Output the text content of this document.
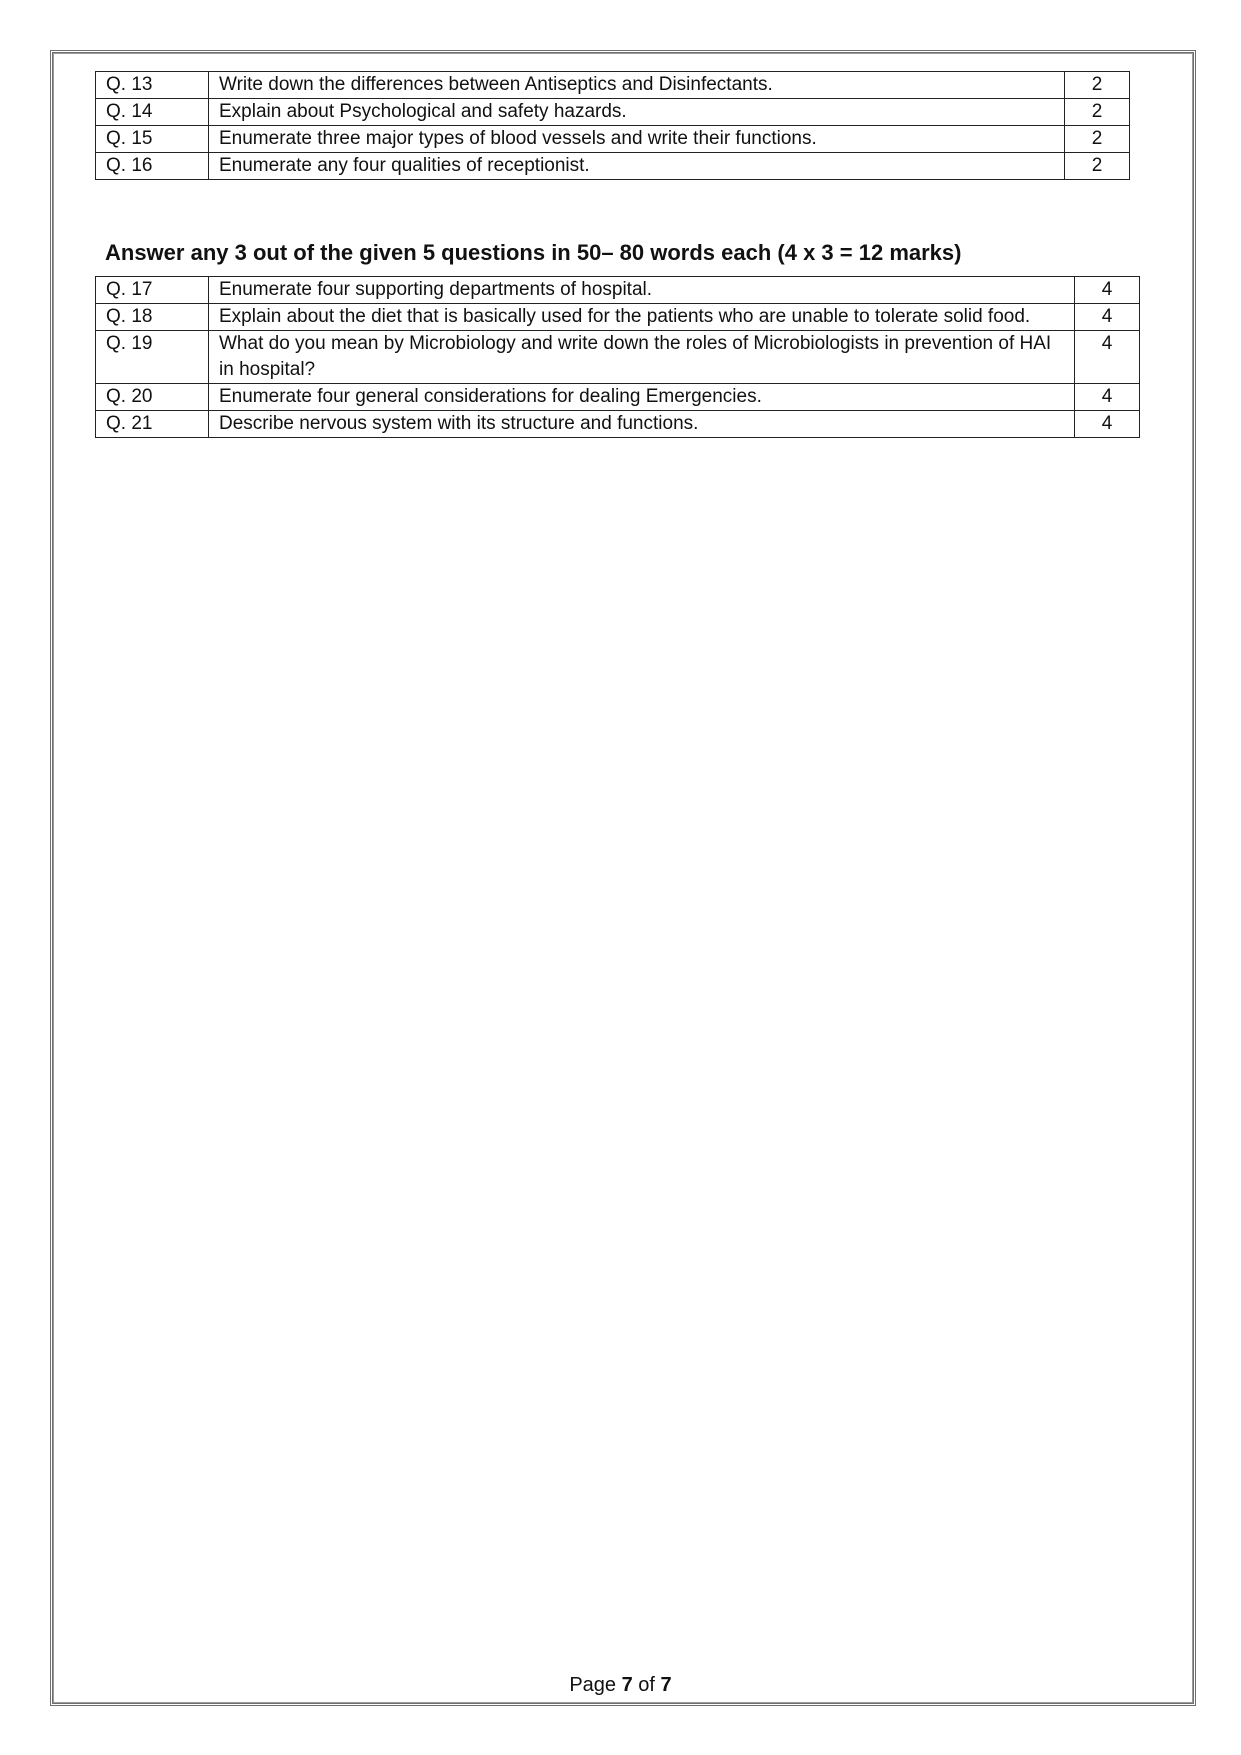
Q. 13	Write down the differences between Antiseptics and Disinfectants.	2
Q. 14	Explain about Psychological and safety hazards.	2
Q. 15	Enumerate three major types of blood vessels and write their functions.	2
Q. 16	Enumerate any four qualities of receptionist.	2
Answer any 3 out of the given 5 questions in 50– 80 words each (4 x 3 = 12 marks)
Q. 17	Enumerate four supporting departments of hospital.	4
Q. 18	Explain about the diet that is basically used for the patients who are unable to tolerate solid food.	4
Q. 19	What do you mean by Microbiology and write down the roles of Microbiologists in prevention of HAI in hospital?	4
Q. 20	Enumerate four general considerations for dealing Emergencies.	4
Q. 21	Describe nervous system with its structure and functions.	4
Page 7 of 7
